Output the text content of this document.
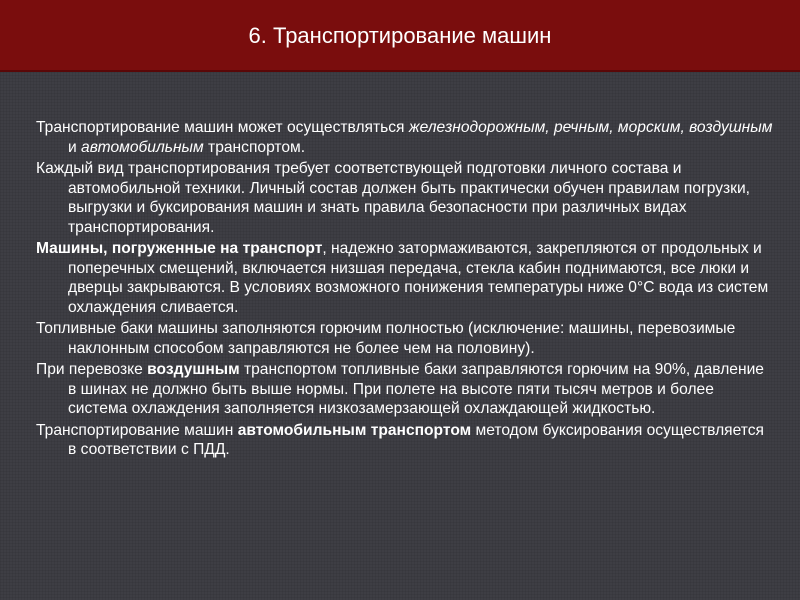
6. Транспортирование машин

Транспортирование машин может осуществляться железнодорожным, речным, морским, воздушным и автомобильным транспортом.

Каждый вид транспортирования требует соответствующей подготовки личного состава и автомобильной техники. Личный состав должен быть практически обучен правилам погрузки, выгрузки и буксирования машин и знать правила безопасности при различных видах транспортирования.

Машины, погруженные на транспорт, надежно затормаживаются, закрепляются от продольных и поперечных смещений, включается низшая передача, стекла кабин поднимаются, все люки и дверцы закрываются. В условиях возможного понижения температуры ниже 0°С вода из систем охлаждения сливается.

Топливные баки машины заполняются горючим полностью (исключение: машины, перевозимые наклонным способом заправляются не более чем на половину).

При перевозке воздушным транспортом топливные баки заправляются горючим на 90%, давление в шинах не должно быть выше нормы. При полете на высоте пяти тысяч метров и более система охлаждения заполняется низкозамерзающей охлаждающей жидкостью.

Транспортирование машин автомобильным транспортом методом буксирования осуществляется в соответствии с ПДД.
